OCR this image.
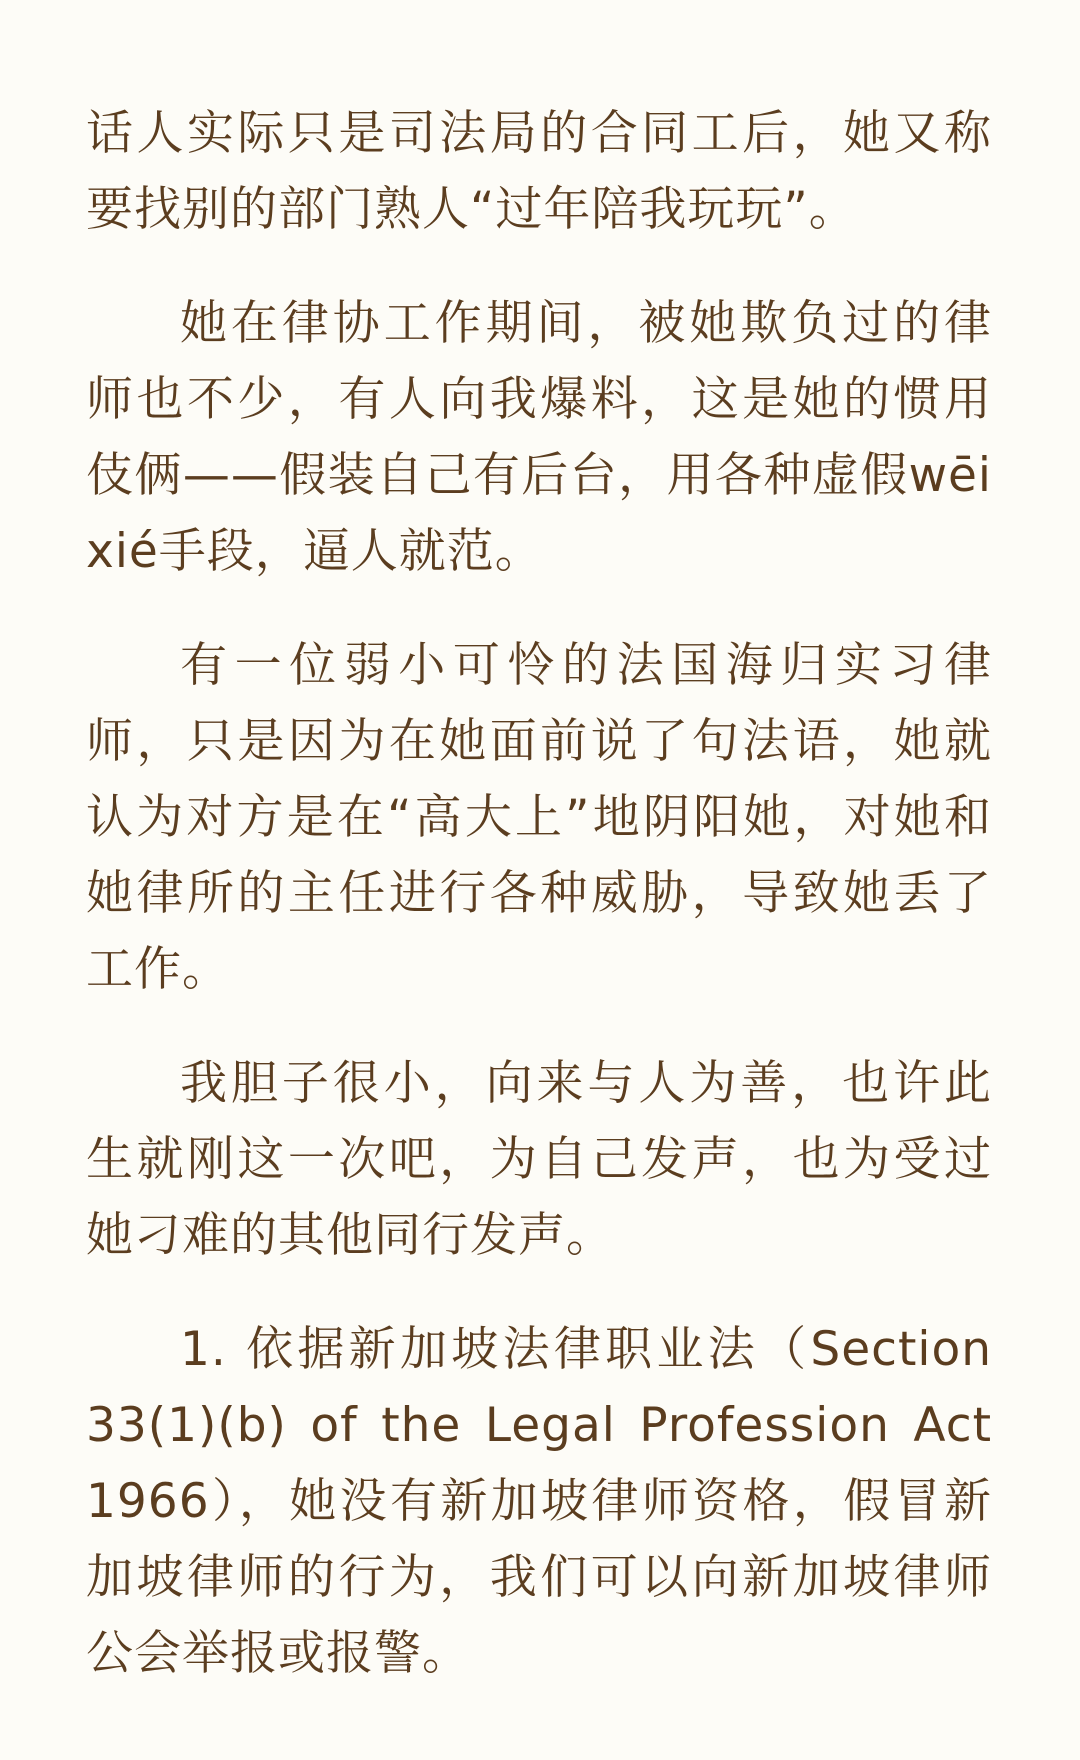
话人实际只是司法局的合同工后，她又称要找别的部门熟人“过年陪我玩玩”。

她在律协工作期间，被她欺负过的律师也不少，有人向我爆料，这是她的惯用伎俩——假装自己有后台，用各种虚假wēixié手段，逼人就范。

有一位弱小可怜的法国海归实习律师，只是因为在她面前说了句法语，她就认为对方是在“高大上”地阴阳她，对她和她律所的主任进行各种威胁，导致她丢了工作。

我胆子很小，向来与人为善，也许此生就刚这一次吧，为自己发声，也为受过她刁难的其他同行发声。

1. 依据新加坡法律职业法（Section 33(1)(b) of the Legal Profession Act 1966），她没有新加坡律师资格，假冒新加坡律师的行为，我们可以向新加坡律师公会举报或报警。
